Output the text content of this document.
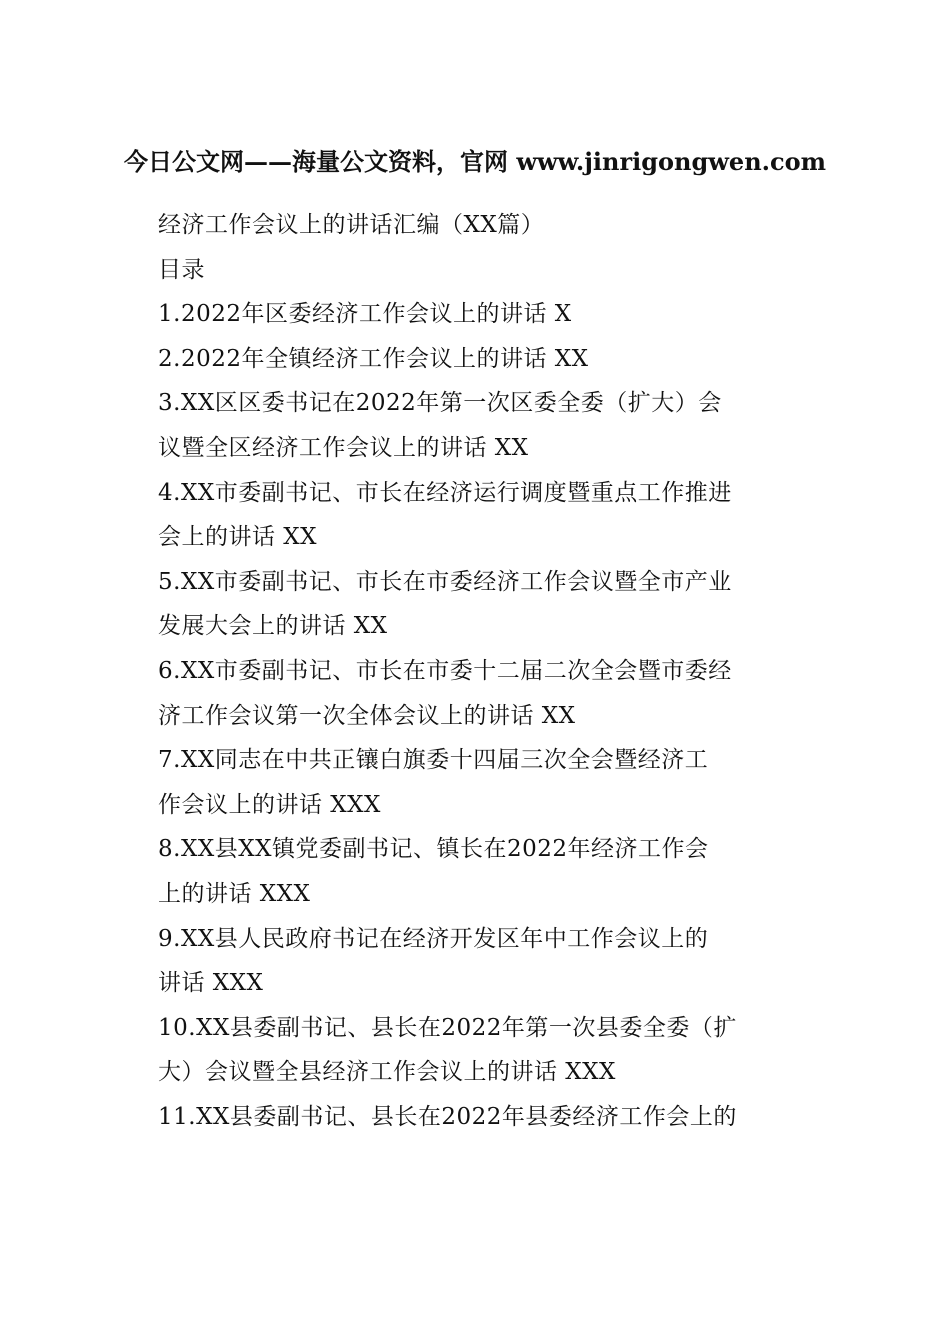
今日公文网——海量公文资料，官网 www.jinrigongwen.com
经济工作会议上的讲话汇编（XX篇）
目录
1.2022年区委经济工作会议上的讲话 X
2.2022年全镇经济工作会议上的讲话 XX
3.XX区区委书记在2022年第一次区委全委（扩大）会
议暨全区经济工作会议上的讲话 XX
4.XX市委副书记、市长在经济运行调度暨重点工作推进
会上的讲话 XX
5.XX市委副书记、市长在市委经济工作会议暨全市产业
发展大会上的讲话 XX
6.XX市委副书记、市长在市委十二届二次全会暨市委经
济工作会议第一次全体会议上的讲话 XX
7.XX同志在中共正镶白旗委十四届三次全会暨经济工
作会议上的讲话 XXX
8.XX县XX镇党委副书记、镇长在2022年经济工作会
上的讲话 XXX
9.XX县人民政府书记在经济开发区年中工作会议上的
讲话 XXX
10.XX县委副书记、县长在2022年第一次县委全委（扩
大）会议暨全县经济工作会议上的讲话 XXX
11.XX县委副书记、县长在2022年县委经济工作会上的
